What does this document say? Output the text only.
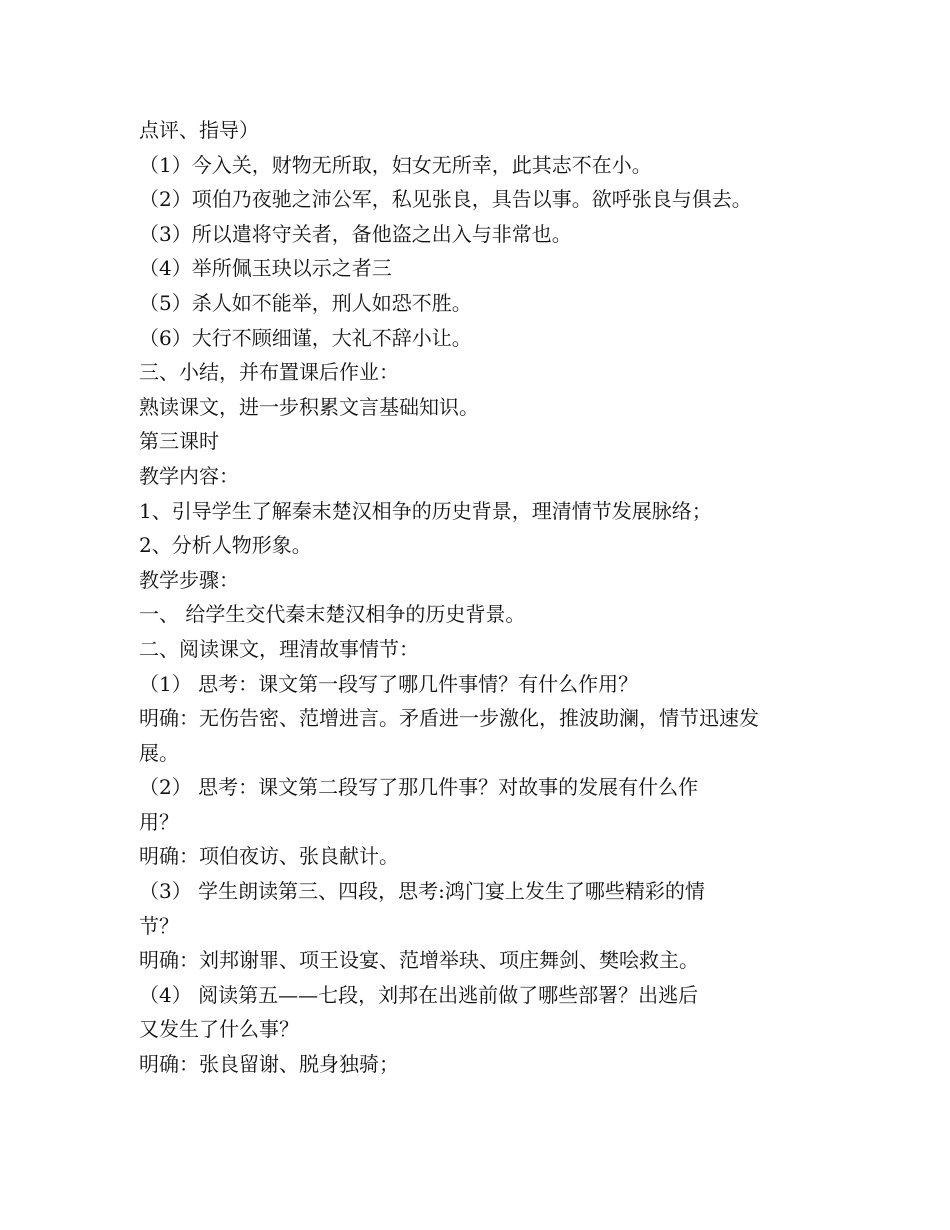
点评、指导）
（1）今入关，财物无所取，妇女无所幸，此其志不在小。
（2）项伯乃夜驰之沛公军，私见张良，具告以事。欲呼张良与俱去。
（3）所以遣将守关者，备他盗之出入与非常也。
（4）举所佩玉玦以示之者三
（5）杀人如不能举，刑人如恐不胜。
（6）大行不顾细谨，大礼不辞小让。
三、小结，并布置课后作业：
熟读课文，进一步积累文言基础知识。
第三课时
教学内容：
1、引导学生了解秦末楚汉相争的历史背景，理清情节发展脉络；
2、分析人物形象。
教学步骤：
一、 给学生交代秦末楚汉相争的历史背景。
二、阅读课文，理清故事情节：
（1） 思考：课文第一段写了哪几件事情？有什么作用？
明确：无伤告密、范增进言。矛盾进一步激化，推波助澜，情节迅速发
展。
（2） 思考：课文第二段写了那几件事？对故事的发展有什么作
用？
明确：项伯夜访、张良献计。
（3） 学生朗读第三、四段，思考:鸿门宴上发生了哪些精彩的情
节？
明确：刘邦谢罪、项王设宴、范增举玦、项庄舞剑、樊哙救主。
（4） 阅读第五——七段，刘邦在出逃前做了哪些部署？出逃后
又发生了什么事？
明确：张良留谢、脱身独骑；
